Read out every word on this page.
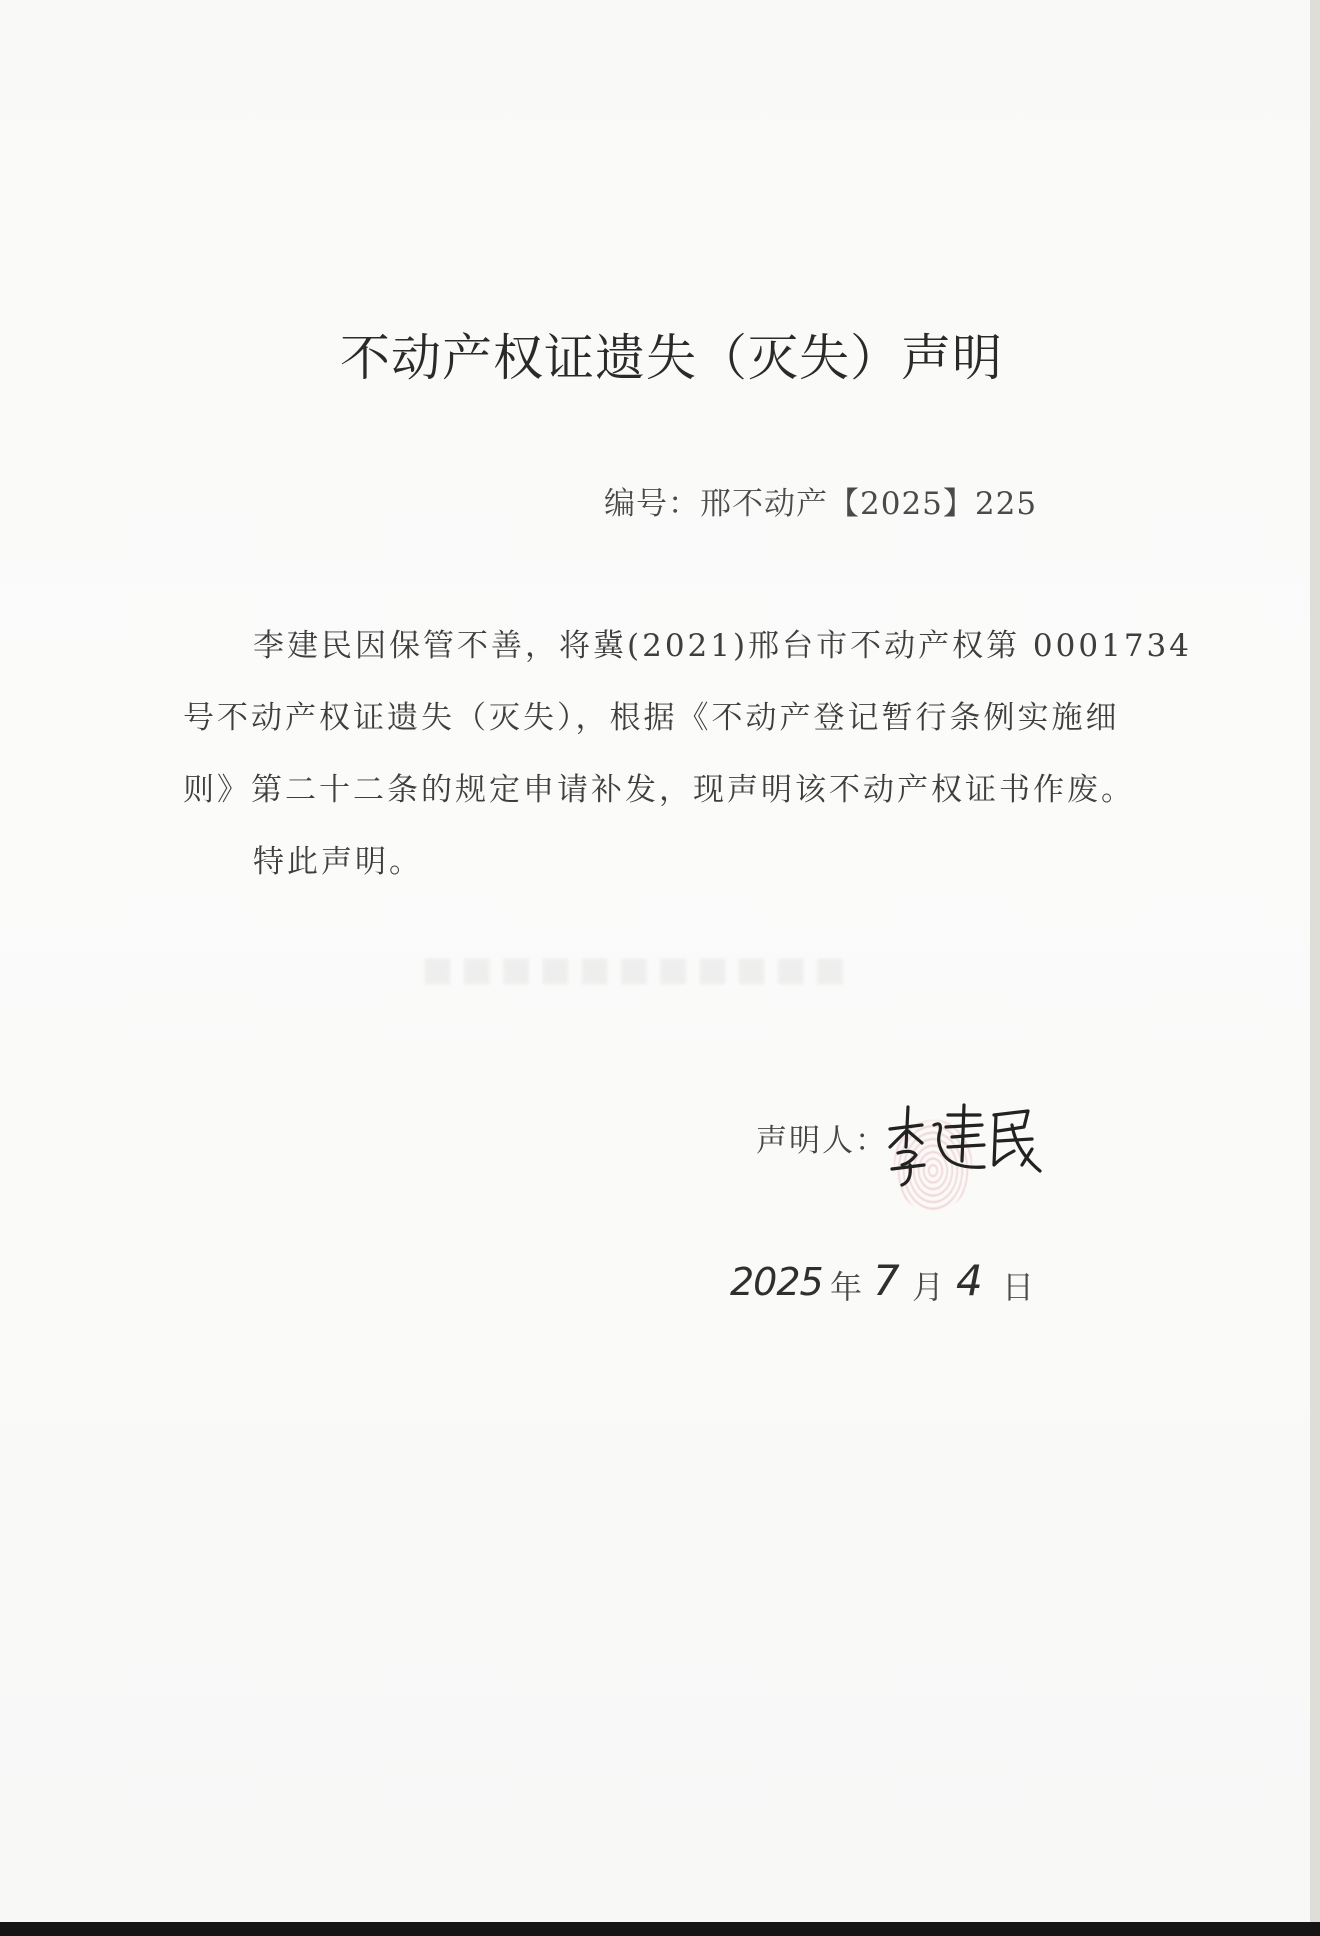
不动产权证遗失（灭失）声明
编号：邢不动产【2025】225
李建民因保管不善，将冀(2021)邢台市不动产权第 0001734
号不动产权证遗失（灭失），根据《不动产登记暂行条例实施细
则》第二十二条的规定申请补发，现声明该不动产权证书作废。
特此声明。
▪▪▪▪▪▪▪▪▪▪▪
声明人：
2025 年 7 月 4 日
